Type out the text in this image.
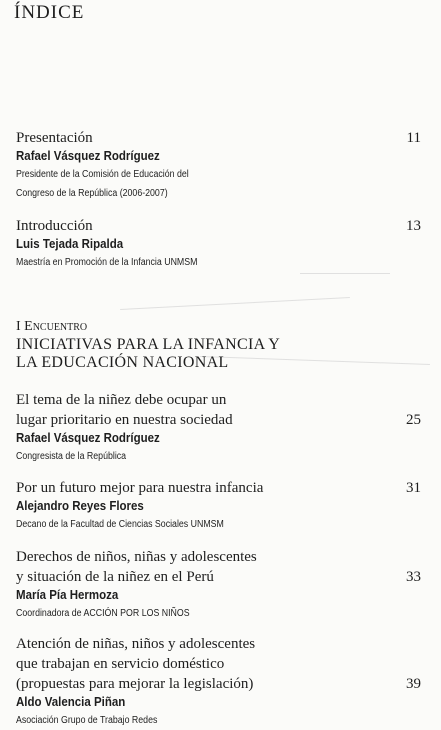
ÍNDICE
11
Presentación
Rafael Vásquez Rodríguez
Presidente de la Comisión de Educación del
Congreso de la República (2006-2007)
13
Introducción
Luis Tejada Ripalda
Maestría en Promoción de la Infancia UNMSM
I Encuentro
INICIATIVAS PARA LA INFANCIA Y
LA EDUCACIÓN NACIONAL
25
El tema de la niñez debe ocupar un
lugar prioritario en nuestra sociedad
Rafael Vásquez Rodríguez
Congresista de la República
31
Por un futuro mejor para nuestra infancia
Alejandro Reyes Flores
Decano de la Facultad de Ciencias Sociales UNMSM
33
Derechos de niños, niñas y adolescentes
y situación de la niñez en el Perú
María Pía Hermoza
Coordinadora de ACCIÓN POR LOS NIÑOS
39
Atención de niñas, niños y adolescentes
que trabajan en servicio doméstico
(propuestas para mejorar la legislación)
Aldo Valencia Piñan
Asociación Grupo de Trabajo Redes
